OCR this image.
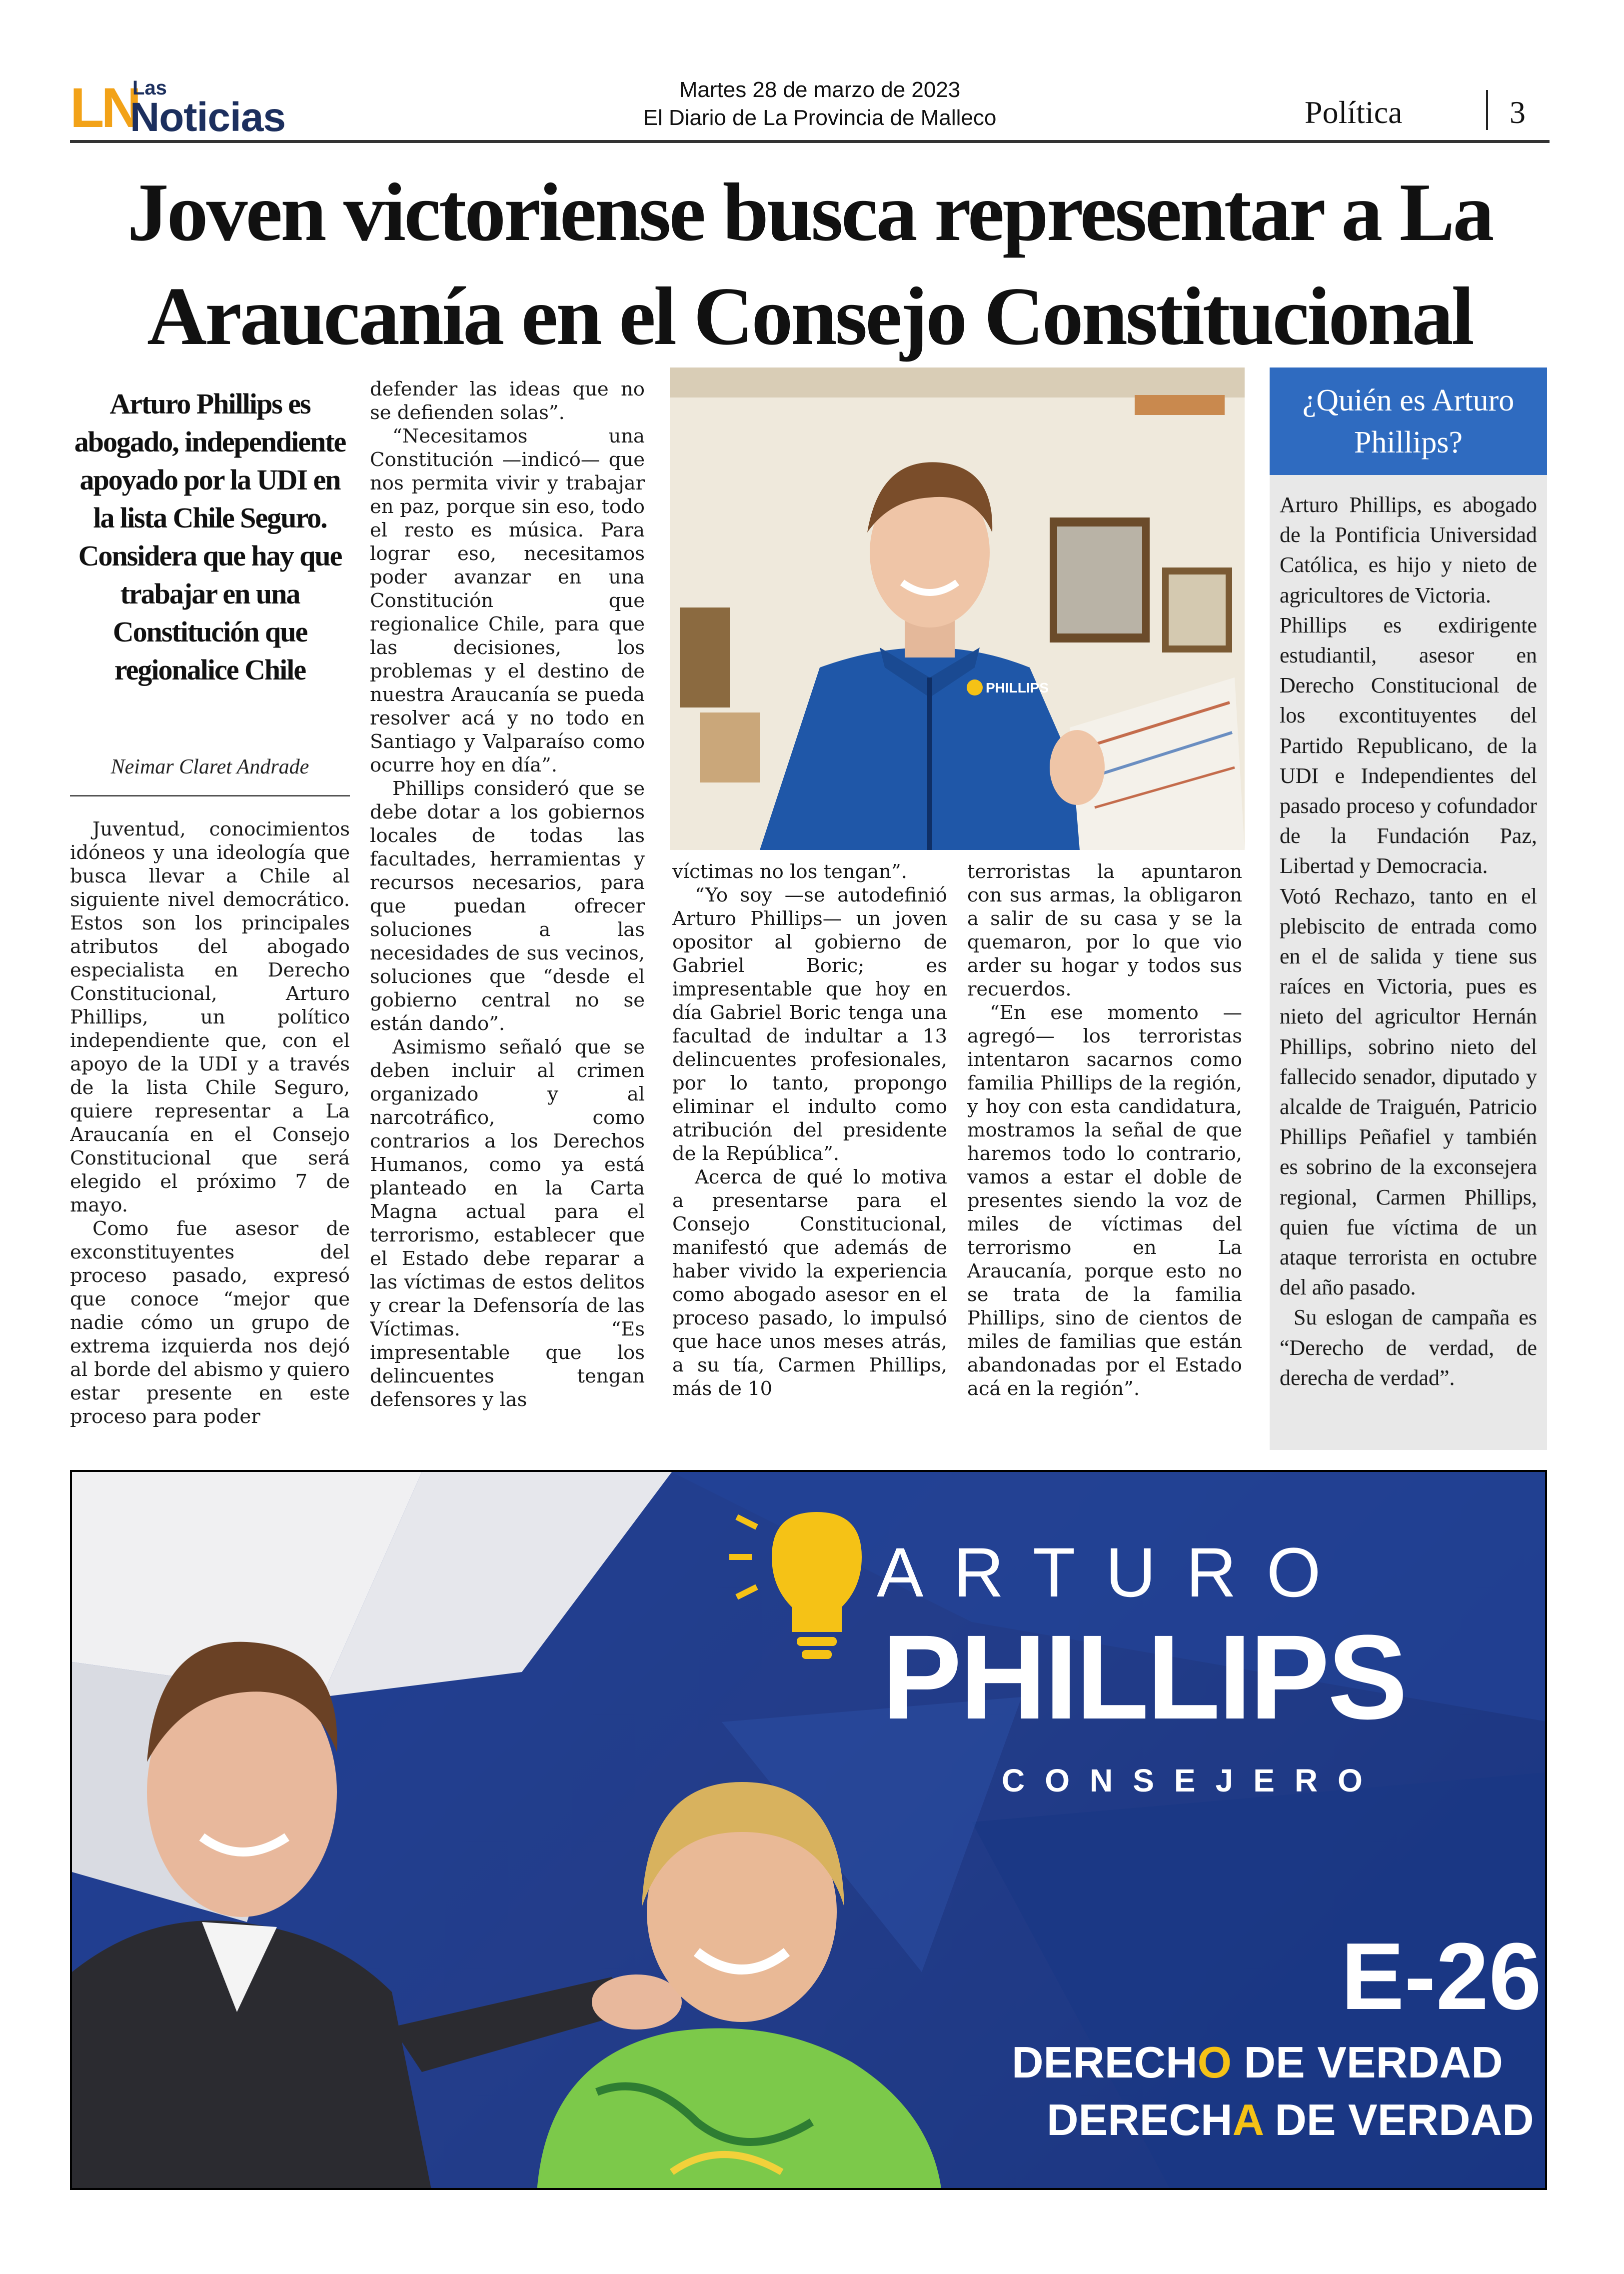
LN
Las
Noticias
Martes 28 de marzo de 2023
El Diario de La Provincia de Malleco	Política	3
Joven victoriense busca representar a La
Araucanía en el Consejo Constitucional
Arturo Phillips es abogado, independiente apoyado por la UDI en la lista Chile Seguro. Considera que hay que trabajar en una Constitución que regionalice Chile
Neimar Claret Andrade

Juventud, conocimientos idóneos y una ideología que busca llevar a Chile al siguiente nivel democrático. Estos son los principales atributos del abogado especialista en Derecho Constitucional, Arturo Phillips, un político independiente que, con el apoyo de la UDI y a través de la lista Chile Seguro, quiere representar a La Araucanía en el Consejo Constitucional que será elegido el próximo 7 de mayo.

Como fue asesor de exconstituyentes del proceso pasado, expresó que conoce “mejor que nadie cómo un grupo de extrema izquierda nos dejó al borde del abismo y quiero estar presente en este proceso para poder

defender las ideas que no se defienden solas”.

“Necesitamos una Constitución —indicó— que nos permita vivir y trabajar en paz, porque sin eso, todo el resto es música. Para lograr eso, necesitamos poder avanzar en una Constitución que regionalice Chile, para que las decisiones, los problemas y el destino de nuestra Araucanía se pueda resolver acá y no todo en Santiago y Valparaíso como ocurre hoy en día”.

Phillips consideró que se debe dotar a los gobiernos locales de todas las facultades, herramientas y recursos necesarios, para que puedan ofrecer soluciones a las necesidades de sus vecinos, soluciones que “desde el gobierno central no se están dando”.

Asimismo señaló que se deben incluir al crimen organizado y al narcotráfico, como contrarios a los Derechos Humanos, como ya está planteado en la Carta Magna actual para el terrorismo, establecer que el Estado debe reparar a las víctimas de estos delitos y crear la Defensoría de las Víctimas. “Es impresentable que los delincuentes tengan defensores y las

víctimas no los tengan”.

“Yo soy —se autodefinió Arturo Phillips— un joven opositor al gobierno de Gabriel Boric; es impresentable que hoy en día Gabriel Boric tenga una facultad de indultar a 13 delincuentes profesionales, por lo tanto, propongo eliminar el indulto como atribución del presidente de la República”.

Acerca de qué lo motiva a presentarse para el Consejo Constitucional, manifestó que además de haber vivido la experiencia como abogado asesor en el proceso pasado, lo impulsó que hace unos meses atrás, a su tía, Carmen Phillips, más de 10

terroristas la apuntaron con sus armas, la obligaron a salir de su casa y se la quemaron, por lo que vio arder su hogar y todos sus recuerdos.

“En ese momento —agregó— los terroristas intentaron sacarnos como familia Phillips de la región, y hoy con esta candidatura, mostramos la señal de que haremos todo lo contrario, vamos a estar el doble de presentes siendo la voz de miles de víctimas del terrorismo en La Araucanía, porque esto no se trata de la familia Phillips, sino de cientos de miles de familias que están abandonadas por el Estado acá en la región”.

PHILLIPS
¿Quién es Arturo Phillips?

Arturo Phillips, es abogado de la Pontificia Universidad Católica, es hijo y nieto de agricultores de Victoria.

Phillips es exdirigente estudiantil, asesor en Derecho Constitucional de los excontituyentes del Partido Republicano, de la UDI e Independientes del pasado proceso y cofundador de la Fundación Paz, Libertad y Democracia.

Votó Rechazo, tanto en el plebiscito de entrada como en el de salida y tiene sus raíces en Victoria, pues es nieto del agricultor Hernán Phillips, sobrino nieto del fallecido senador, diputado y alcalde de Traiguén, Patricio Phillips Peñafiel y también es sobrino de la exconsejera regional, Carmen Phillips, quien fue víctima de un ataque terrorista en octubre del año pasado.

Su eslogan de campaña es “Derecho de verdad, de derecha de verdad”.

ARTURO
PHILLIPS
CONSEJERO
E-26
DERECHO DE VERDAD
DERECHA DE VERDAD
